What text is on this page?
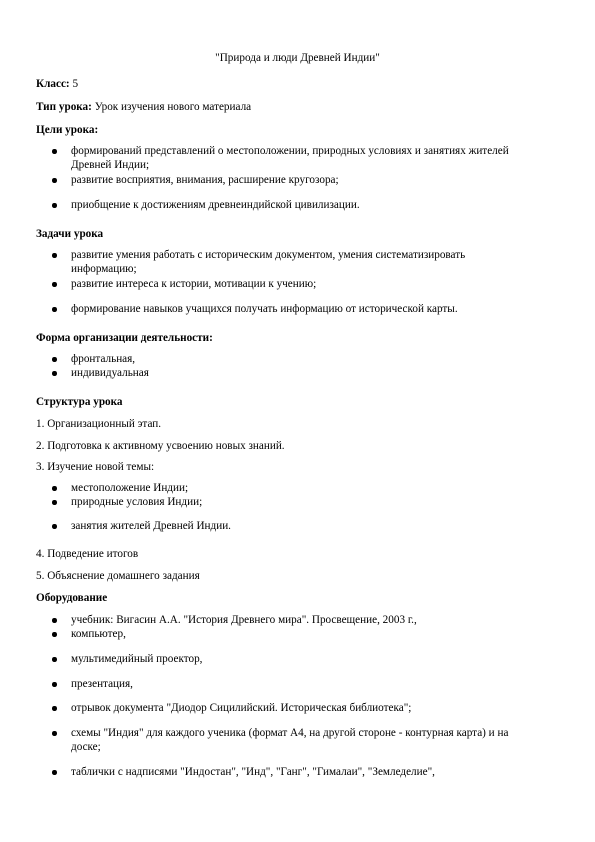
"Природа и люди Древней Индии"
Класс: 5
Тип урока: Урок изучения нового материала
Цели урока:
формирований представлений о местоположении, природных условиях и занятиях жителей
Древней Индии;
развитие восприятия, внимания, расширение кругозора;
приобщение к достижениям древнеиндийской цивилизации.
Задачи урока
развитие умения работать с историческим документом, умения систематизировать
информацию;
развитие интереса к истории, мотивации к учению;
формирование навыков учащихся получать информацию от исторической карты.
Форма организации деятельности:
фронтальная,
индивидуальная
Структура урока
1. Организационный этап.
2. Подготовка к активному усвоению новых знаний.
3. Изучение новой темы:
местоположение Индии;
природные условия Индии;
занятия жителей Древней Индии.
4. Подведение итогов
5. Объяснение домашнего задания
Оборудование
учебник: Вигасин А.А. "История Древнего мира". Просвещение, 2003 г.,
компьютер,
мультимедийный проектор,
презентация,
отрывок документа "Диодор Сицилийский. Историческая библиотека";
схемы "Индия" для каждого ученика (формат А4, на другой стороне - контурная карта) и на
доске;
таблички с надписями "Индостан", "Инд", "Ганг", "Гималаи", "Земледелие",
